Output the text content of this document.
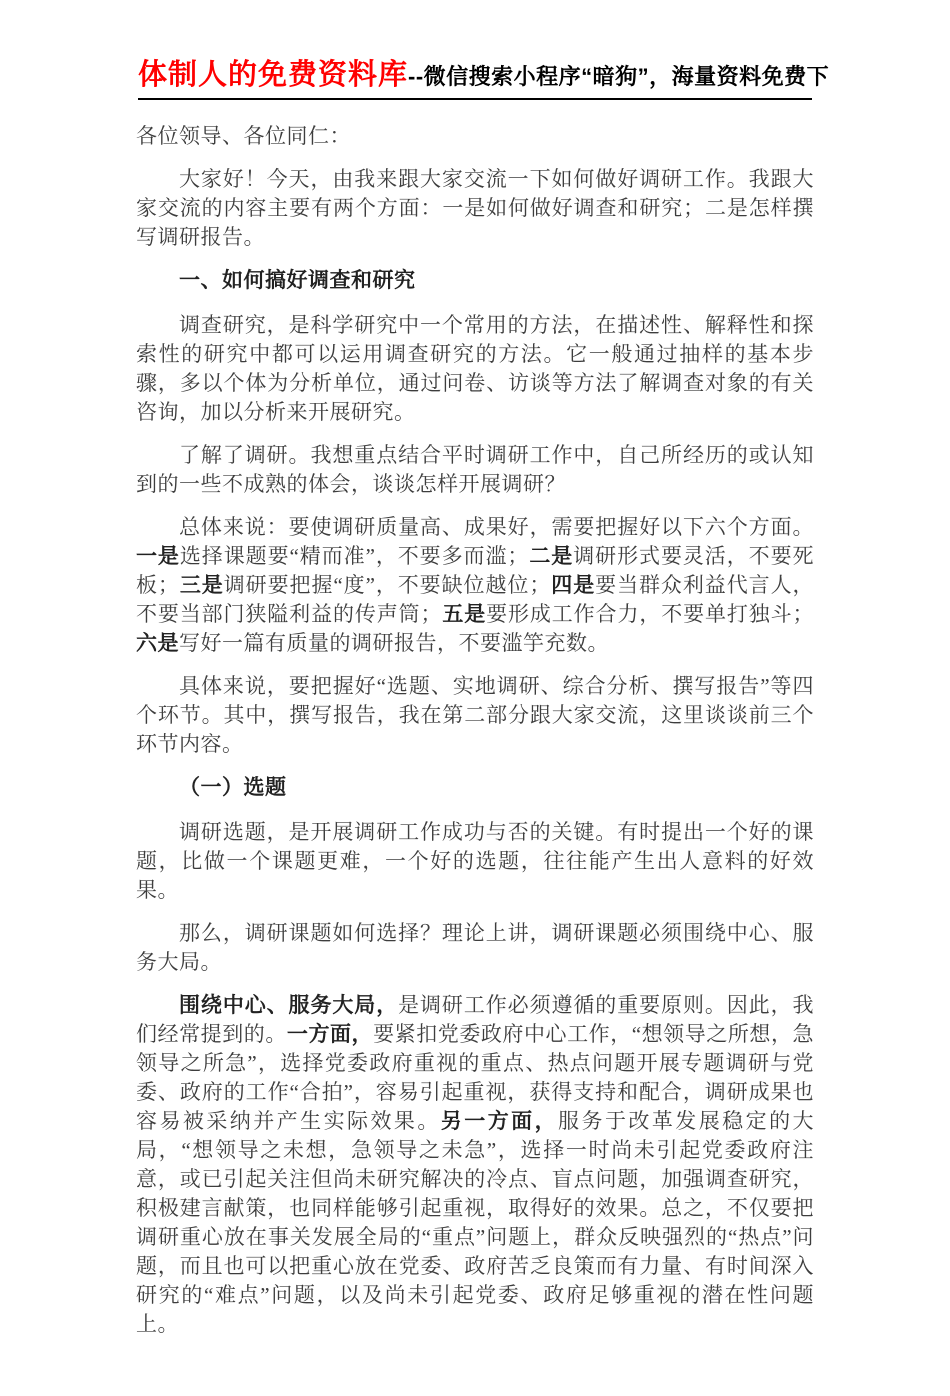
体制人的免费资料库--微信搜索小程序“暗狗”，海量资料免费下

各位领导、各位同仁：

大家好！今天，由我来跟大家交流一下如何做好调研工作。我跟大家交流的内容主要有两个方面：一是如何做好调查和研究；二是怎样撰写调研报告。

一、如何搞好调查和研究

调查研究，是科学研究中一个常用的方法，在描述性、解释性和探索性的研究中都可以运用调查研究的方法。它一般通过抽样的基本步骤，多以个体为分析单位，通过问卷、访谈等方法了解调查对象的有关咨询，加以分析来开展研究。

了解了调研。我想重点结合平时调研工作中，自己所经历的或认知到的一些不成熟的体会，谈谈怎样开展调研？

总体来说：要使调研质量高、成果好，需要把握好以下六个方面。一是选择课题要“精而准”，不要多而滥；二是调研形式要灵活，不要死板；三是调研要把握“度”，不要缺位越位；四是要当群众利益代言人，不要当部门狭隘利益的传声筒；五是要形成工作合力，不要单打独斗；六是写好一篇有质量的调研报告，不要滥竽充数。

具体来说，要把握好“选题、实地调研、综合分析、撰写报告”等四个环节。其中，撰写报告，我在第二部分跟大家交流，这里谈谈前三个环节内容。

（一）选题

调研选题，是开展调研工作成功与否的关键。有时提出一个好的课题，比做一个课题更难，一个好的选题，往往能产生出人意料的好效果。

那么，调研课题如何选择？理论上讲，调研课题必须围绕中心、服务大局。

围绕中心、服务大局，是调研工作必须遵循的重要原则。因此，我们经常提到的。一方面，要紧扣党委政府中心工作，“想领导之所想，急领导之所急”，选择党委政府重视的重点、热点问题开展专题调研与党委、政府的工作“合拍”，容易引起重视，获得支持和配合，调研成果也容易被采纳并产生实际效果。另一方面，服务于改革发展稳定的大局，“想领导之未想，急领导之未急”，选择一时尚未引起党委政府注意，或已引起关注但尚未研究解决的冷点、盲点问题，加强调查研究，积极建言献策，也同样能够引起重视，取得好的效果。总之，不仅要把调研重心放在事关发展全局的“重点”问题上，群众反映强烈的“热点”问题，而且也可以把重心放在党委、政府苦乏良策而有力量、有时间深入研究的“难点”问题，以及尚未引起党委、政府足够重视的潜在性问题上。
